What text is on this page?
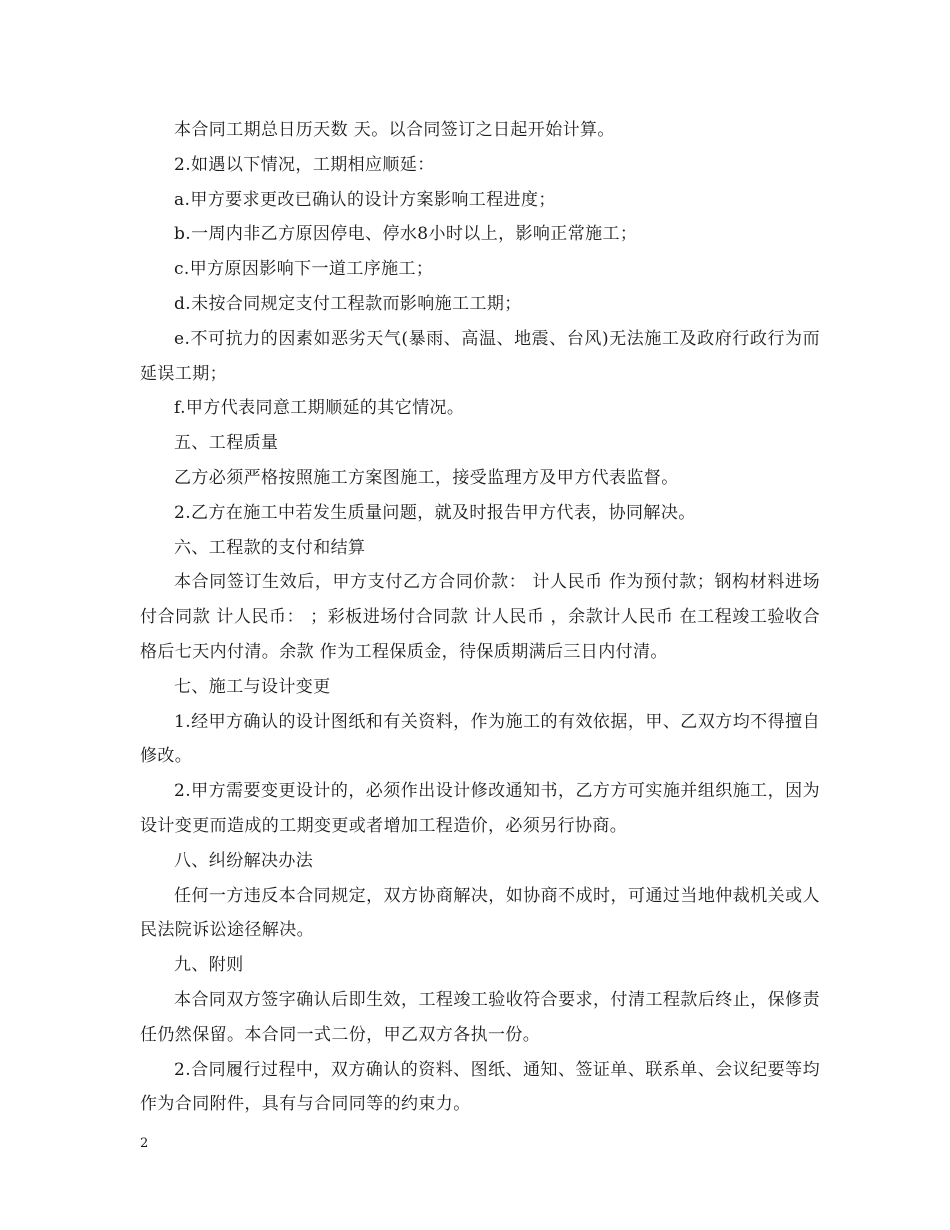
本合同工期总日历天数 天。以合同签订之日起开始计算。

2.如遇以下情况，工期相应顺延：

a.甲方要求更改已确认的设计方案影响工程进度；

b.一周内非乙方原因停电、停水8小时以上，影响正常施工；

c.甲方原因影响下一道工序施工；

d.未按合同规定支付工程款而影响施工工期；

e.不可抗力的因素如恶劣天气(暴雨、高温、地震、台风)无法施工及政府行政行为而延误工期；

f.甲方代表同意工期顺延的其它情况。

五、工程质量

乙方必须严格按照施工方案图施工，接受监理方及甲方代表监督。

2.乙方在施工中若发生质量问题，就及时报告甲方代表，协同解决。

六、工程款的支付和结算

本合同签订生效后，甲方支付乙方合同价款： 计人民币 作为预付款；钢构材料进场付合同款 计人民币： ；彩板进场付合同款 计人民币 ，余款计人民币 在工程竣工验收合格后七天内付清。余款 作为工程保质金，待保质期满后三日内付清。

七、施工与设计变更

1.经甲方确认的设计图纸和有关资料，作为施工的有效依据，甲、乙双方均不得擅自修改。

2.甲方需要变更设计的，必须作出设计修改通知书，乙方方可实施并组织施工，因为设计变更而造成的工期变更或者增加工程造价，必须另行协商。

八、纠纷解决办法

任何一方违反本合同规定，双方协商解决，如协商不成时，可通过当地仲裁机关或人民法院诉讼途径解决。

九、附则

本合同双方签字确认后即生效，工程竣工验收符合要求，付清工程款后终止，保修责任仍然保留。本合同一式二份，甲乙双方各执一份。

2.合同履行过程中，双方确认的资料、图纸、通知、签证单、联系单、会议纪要等均作为合同附件，具有与合同同等的约束力。

2
